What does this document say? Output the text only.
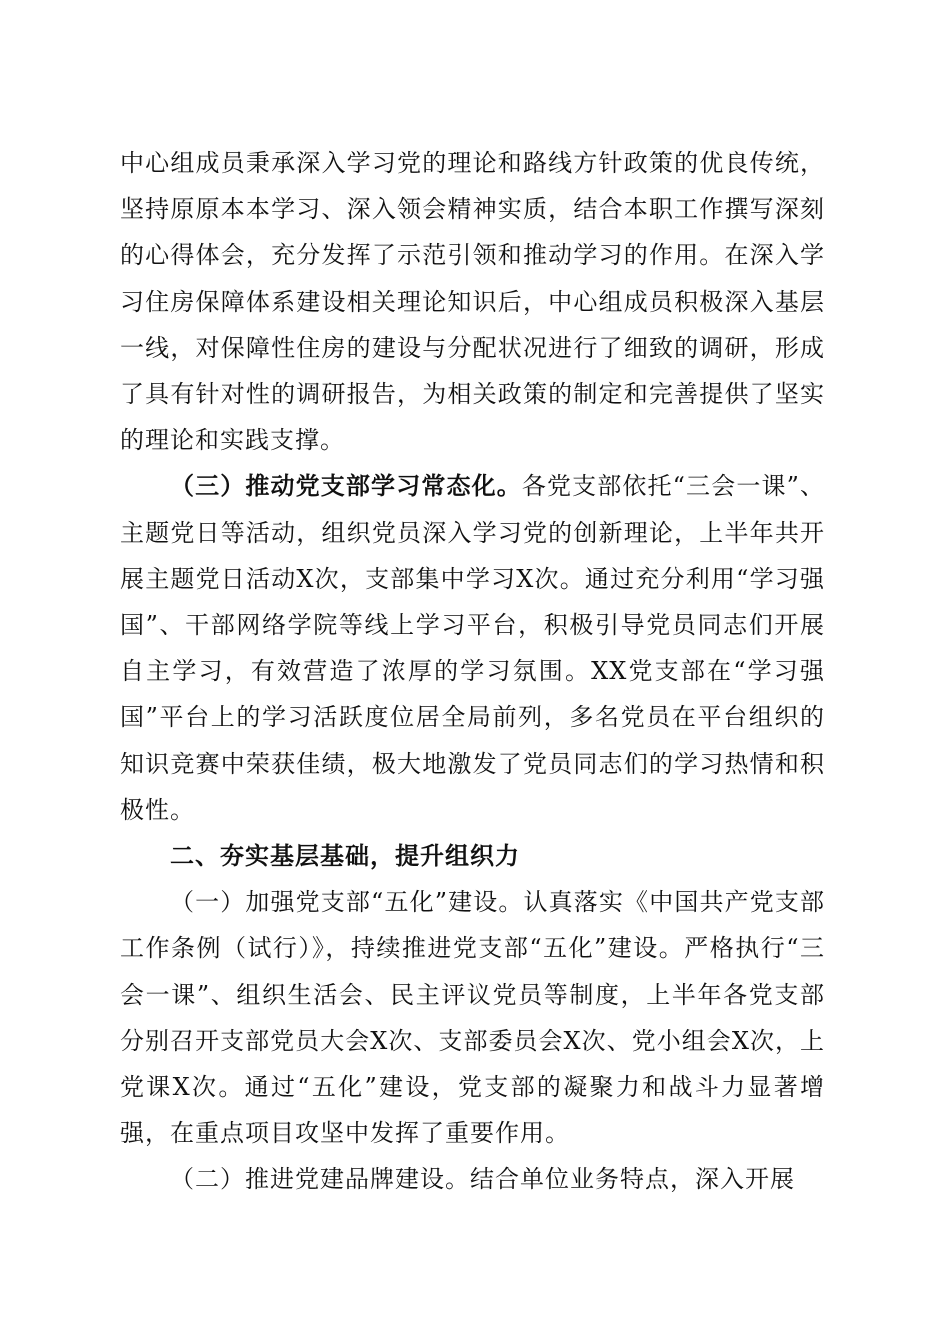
中心组成员秉承深入学习党的理论和路线方针政策的优良传统，坚持原原本本学习、深入领会精神实质，结合本职工作撰写深刻的心得体会，充分发挥了示范引领和推动学习的作用。在深入学习住房保障体系建设相关理论知识后，中心组成员积极深入基层一线，对保障性住房的建设与分配状况进行了细致的调研，形成了具有针对性的调研报告，为相关政策的制定和完善提供了坚实的理论和实践支撑。

（三）推动党支部学习常态化。各党支部依托“三会一课”、主题党日等活动，组织党员深入学习党的创新理论，上半年共开展主题党日活动X次，支部集中学习X次。通过充分利用“学习强国”、干部网络学院等线上学习平台，积极引导党员同志们开展自主学习，有效营造了浓厚的学习氛围。XX党支部在“学习强国”平台上的学习活跃度位居全局前列，多名党员在平台组织的知识竞赛中荣获佳绩，极大地激发了党员同志们的学习热情和积极性。

二、夯实基层基础，提升组织力

（一）加强党支部“五化”建设。认真落实《中国共产党支部工作条例（试行）》，持续推进党支部“五化”建设。严格执行“三会一课”、组织生活会、民主评议党员等制度，上半年各党支部分别召开支部党员大会X次、支部委员会X次、党小组会X次，上党课X次。通过“五化”建设，党支部的凝聚力和战斗力显著增强，在重点项目攻坚中发挥了重要作用。

（二）推进党建品牌建设。结合单位业务特点，深入开展
